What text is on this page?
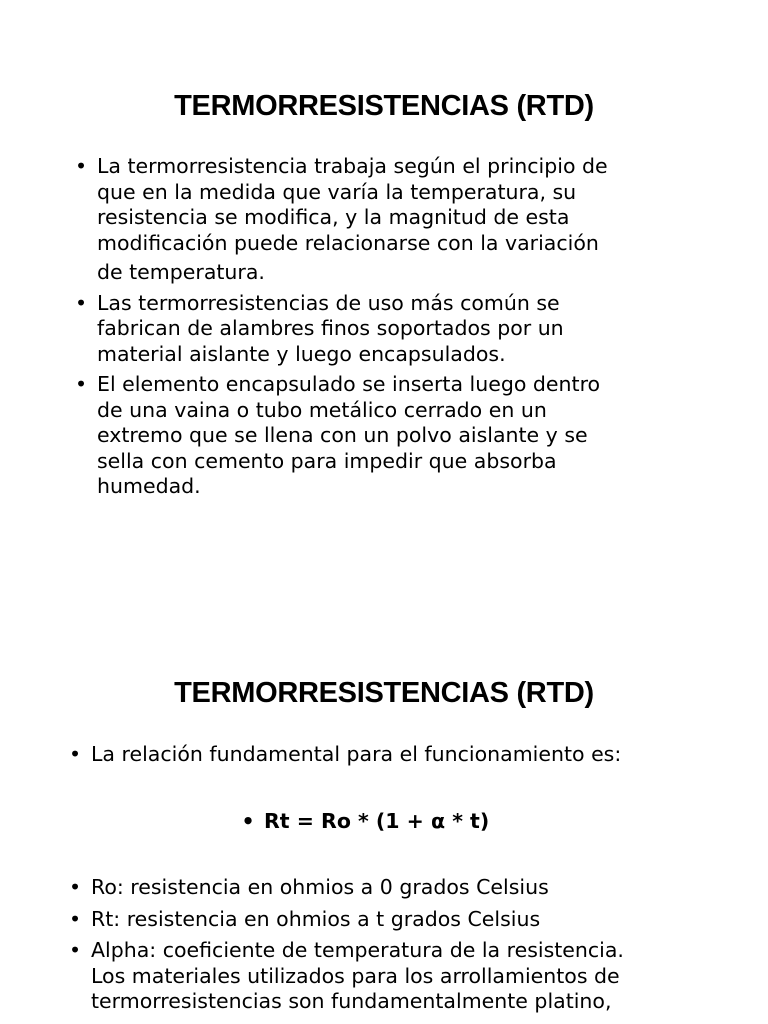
TERMORRESISTENCIAS (RTD)
• La termorresistencia trabaja según el principio de
que en la medida que varía la temperatura, su
resistencia se modifica, y la magnitud de esta
modificación puede relacionarse con la variación
de temperatura.
• Las termorresistencias de uso más común se
fabrican de alambres finos soportados por un
material aislante y luego encapsulados.
• El elemento encapsulado se inserta luego dentro
de una vaina o tubo metálico cerrado en un
extremo que se llena con un polvo aislante y se
sella con cemento para impedir que absorba
humedad.
TERMORRESISTENCIAS (RTD)
• La relación fundamental para el funcionamiento es:
• Rt = Ro * (1 + α * t)
• Ro: resistencia en ohmios a 0 grados Celsius
• Rt: resistencia en ohmios a t grados Celsius
• Alpha: coeficiente de temperatura de la resistencia.
Los materiales utilizados para los arrollamientos de
termorresistencias son fundamentalmente platino,
